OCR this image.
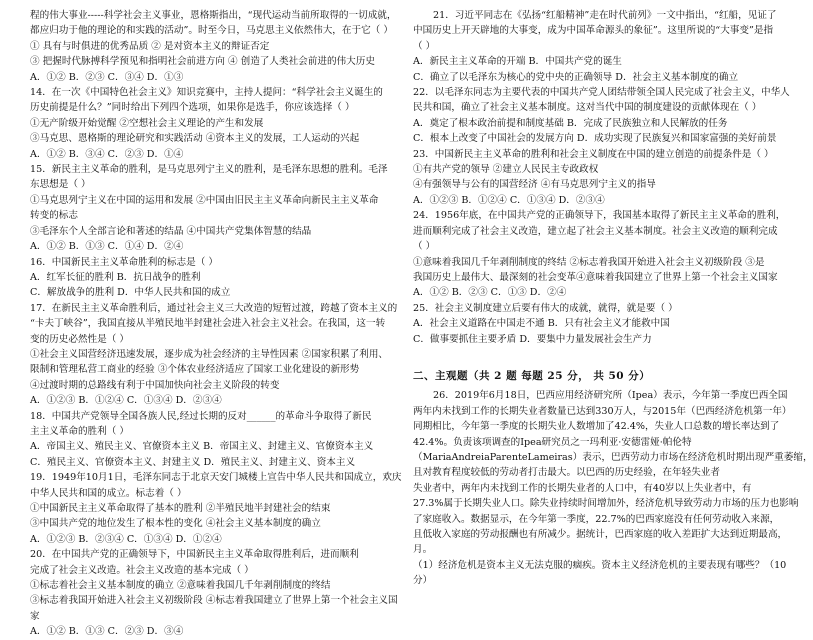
程的伟大事业-----科学社会主义事业，恩格斯指出，“现代运动当前所取得的一切成就，
都应归功于他的理论的和实践的活动”。时至今日，马克思主义依然伟大，在于它（ ）
① 具有与时俱进的优秀品质 ② 是对资本主义的辩证否定
③ 把握时代脉搏科学预见和指明社会前进方向 ④ 创造了人类社会前进的伟大历史
A．①② B．②③ C．③④ D．①③
14．在一次《中国特色社会主义》知识竞赛中，主持人提问：“科学社会主义诞生的
历史前提是什么？”同时给出下列四个选项，如果你是选手，你应该选择（ ）
①无产阶级开始觉醒 ②空想社会主义理论的产生和发展
③马克思、恩格斯的理论研究和实践活动 ④资本主义的发展，工人运动的兴起
A．①② B．③④ C．②③ D．①④
15．新民主主义革命的胜利，是马克思列宁主义的胜利，是毛泽东思想的胜利。毛泽
东思想是（ ）
①马克思列宁主义在中国的运用和发展 ②中国由旧民主主义革命向新民主主义革命
转变的标志
③毛泽东个人全部言论和著述的结晶 ④中国共产党集体智慧的结晶
A．①② B．①③ C．①④ D．②④
16．中国新民主主义革命胜利的标志是（ ）
A．红军长征的胜利 B．抗日战争的胜利
C．解放战争的胜利 D．中华人民共和国的成立
17．在新民主主义革命胜利后，通过社会主义三大改造的短暂过渡，跨越了资本主义的
“卡夫丁峡谷”，我国直接从半殖民地半封建社会进入社会主义社会。在我国，这一转
变的历史必然性是（ ）
①社会主义国营经济迅速发展，逐步成为社会经济的主导性因素 ②国家积累了利用、
限制和管理私营工商业的经验 ③个体农业经济适应了国家工业化建设的新形势
④过渡时期的总路线有利于中国加快向社会主义阶段的转变
A．①②③ B．①②④ C．①③④ D．②③④
18．中国共产党领导全国各族人民,经过长期的反对______的革命斗争取得了新民
主主义革命的胜利（ ）
A．帝国主义、殖民主义、官僚资本主义 B．帝国主义、封建主义、官僚资本主义
C．殖民主义、官僚资本主义、封建主义 D．殖民主义、封建主义、资本主义
19．1949年10月1日，毛泽东同志于北京天安门城楼上宣告中华人民共和国成立，欢庆
中华人民共和国的成立。标志着（ ）
①中国新民主主义革命取得了基本的胜利 ②半殖民地半封建社会的结束
③中国共产党的地位发生了根本性的变化 ④社会主义基本制度的确立
A．①②③ B．②③④ C．①③④ D．①②④
20．在中国共产党的正确领导下，中国新民主主义革命取得胜利后，进而顺利
完成了社会主义改造。社会主义改造的基本完成（ ）
①标志着社会主义基本制度的确立 ②意味着我国几千年剥削制度的终结
③标志着我国开始进入社会主义初级阶段 ④标志着我国建立了世界上第一个社会主义国
家
A．①② B．①③ C．②③ D．③④
21．习近平同志在《弘扬“红船精神”走在时代前列》一文中指出，“红船，见证了
中国历史上开天辟地的大事变，成为中国革命源头的象征”。这里所说的“大事变”是指
（ ）
A．新民主主义革命的开端 B．中国共产党的诞生
C．确立了以毛泽东为核心的党中央的正确领导 D．社会主义基本制度的确立
22．以毛泽东同志为主要代表的中国共产党人团结带领全国人民完成了社会主义，中华人
民共和国，确立了社会主义基本制度。这对当代中国的制度建设的贡献体现在（ ）
A．奠定了根本政治前提和制度基础 B．完成了民族独立和人民解放的任务
C．根本上改变了中国社会的发展方向 D．成功实现了民族复兴和国家富强的美好前景
23．中国新民主主义革命的胜利和社会主义制度在中国的建立创造的前提条件是（ ）
①有共产党的领导 ②建立人民民主专政政权
④有强领导与公有的国营经济 ④有马克思列宁主义的指导
A．①②③ B．①②④ C．①③④ D．②③④
24．1956年底，在中国共产党的正确领导下，我国基本取得了新民主主义革命的胜利，
进而顺利完成了社会主义改造，建立起了社会主义基本制度。社会主义改造的顺利完成
（ ）
①意味着我国几千年剥削制度的终结 ②标志着我国开始进入社会主义初级阶段 ③是
我国历史上最伟大、最深刻的社会变革④意味着我国建立了世界上第一个社会主义国家
A．①② B．②③ C．①③ D．②④
25．社会主义制度建立后要有伟大的成就，就得，就是要（ ）
A．社会主义道路在中国走不通 B．只有社会主义才能救中国
C．做事要抓住主要矛盾 D．要集中力量发展社会生产力
二、主观题（共 2 题 每题 25 分， 共 50 分）
26．2019年6月18日，巴西应用经济研究所（Ipea）表示，今年第一季度巴西全国
两年内未找到工作的长期失业者数量已达到330万人，与2015年（巴西经济危机第一年）
同期相比，今年第一季度的长期失业人数增加了42.4%，失业人口总数的增长率达到了
42.4%。负责该项调查的Ipea研究员之一玛利亚·安德雷娅·帕伦特
（MariaAndreiaParenteLameiras）表示，巴西劳动力市场在经济危机时期出现严重萎缩，
且对教育程度较低的劳动者打击最大。以巴西的历史经验，在年轻失业者
失业者中，两年内未找到工作的长期失业者的人口中，有40岁以上失业者中，有
27.3%属于长期失业人口。除失业持续时间增加外，经济危机导致劳动力市场的压力也影响
了家庭收入。数据显示，在今年第一季度，22.7%的巴西家庭没有任何劳动收入来源，
且低收入家庭的劳动报酬也有所减少。据统计，巴西家庭的收入差距扩大达到近期最高，
月。
（1）经济危机是资本主义无法克服的痼疾。资本主义经济危机的主要表现有哪些？（10
分）
